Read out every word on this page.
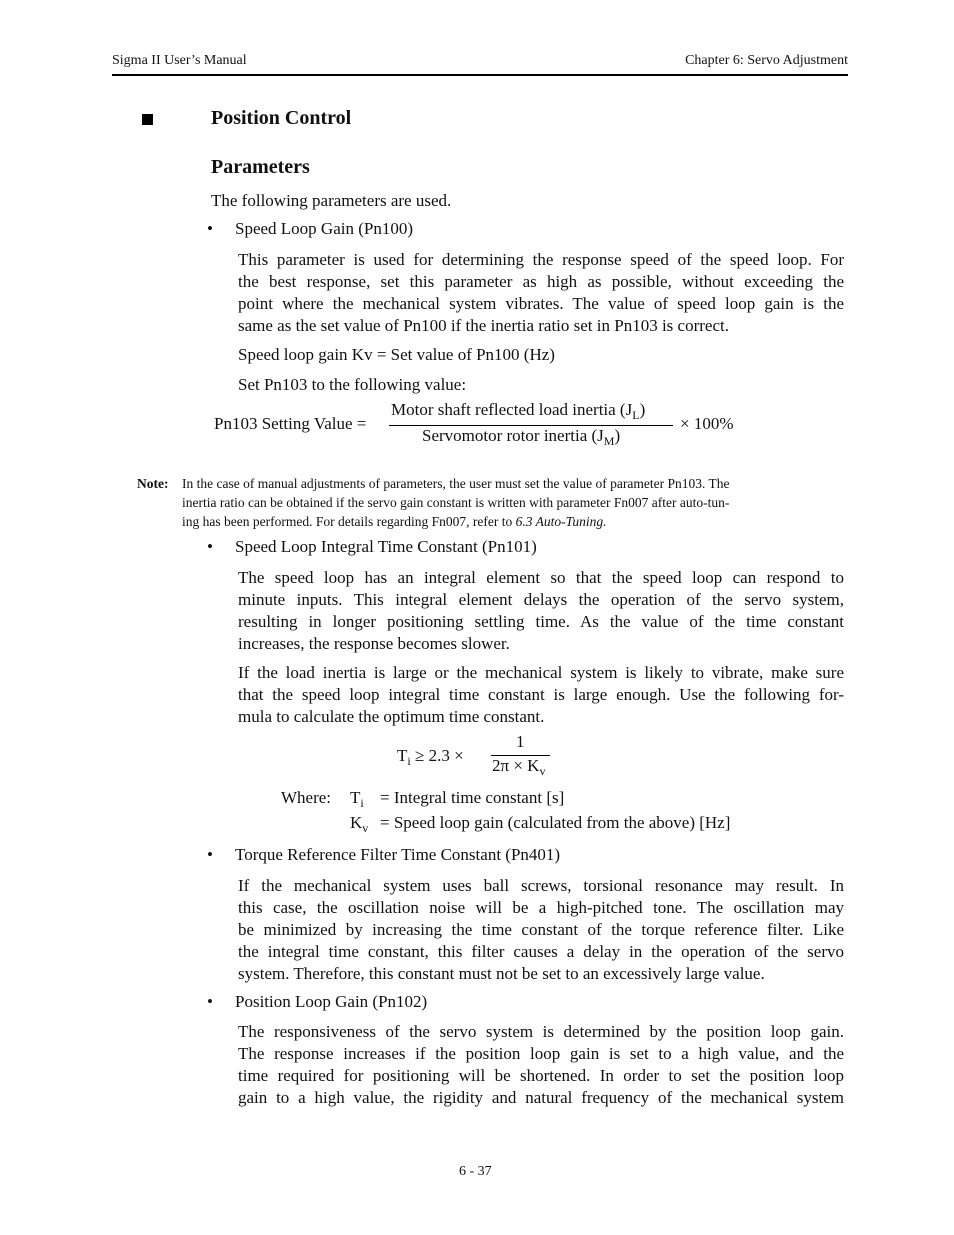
Sigma II User’s Manual	Chapter 6: Servo Adjustment
Position Control
Parameters
The following parameters are used.
• Speed Loop Gain (Pn100)
This parameter is used for determining the response speed of the speed loop. For
the best response, set this parameter as high as possible, without exceeding the
point where the mechanical system vibrates. The value of speed loop gain is the
same as the set value of Pn100 if the inertia ratio set in Pn103 is correct.
Speed loop gain Kv = Set value of Pn100 (Hz)
Set Pn103 to the following value:
Pn103 Setting Value =
Motor shaft reflected load inertia $(J_L)$
Servomotor rotor inertia $(J_M)$
× 100%
Note: In the case of manual adjustments of parameters, the user must set the value of parameter Pn103. The
inertia ratio can be obtained if the servo gain constant is written with parameter Fn007 after auto-tun-
ing has been performed. For details regarding Fn007, refer to 6.3 Auto-Tuning.
• Speed Loop Integral Time Constant (Pn101)
The speed loop has an integral element so that the speed loop can respond to
minute inputs. This integral element delays the operation of the servo system,
resulting in longer positioning settling time. As the value of the time constant
increases, the response becomes slower.
If the load inertia is large or the mechanical system is likely to vibrate, make sure
that the speed loop integral time constant is large enough. Use the following for-
mula to calculate the optimum time constant.
$T_i \ge 2.3$ ×
1
$2\pi \times K_v$
Where: $T_i$ = Integral time constant [s]
$K_v$ = Speed loop gain (calculated from the above) [Hz]
• Torque Reference Filter Time Constant (Pn401)
If the mechanical system uses ball screws, torsional resonance may result. In
this case, the oscillation noise will be a high-pitched tone. The oscillation may
be minimized by increasing the time constant of the torque reference filter. Like
the integral time constant, this filter causes a delay in the operation of the servo
system. Therefore, this constant must not be set to an excessively large value.
• Position Loop Gain (Pn102)
The responsiveness of the servo system is determined by the position loop gain.
The response increases if the position loop gain is set to a high value, and the
time required for positioning will be shortened. In order to set the position loop
gain to a high value, the rigidity and natural frequency of the mechanical system
6 - 37
